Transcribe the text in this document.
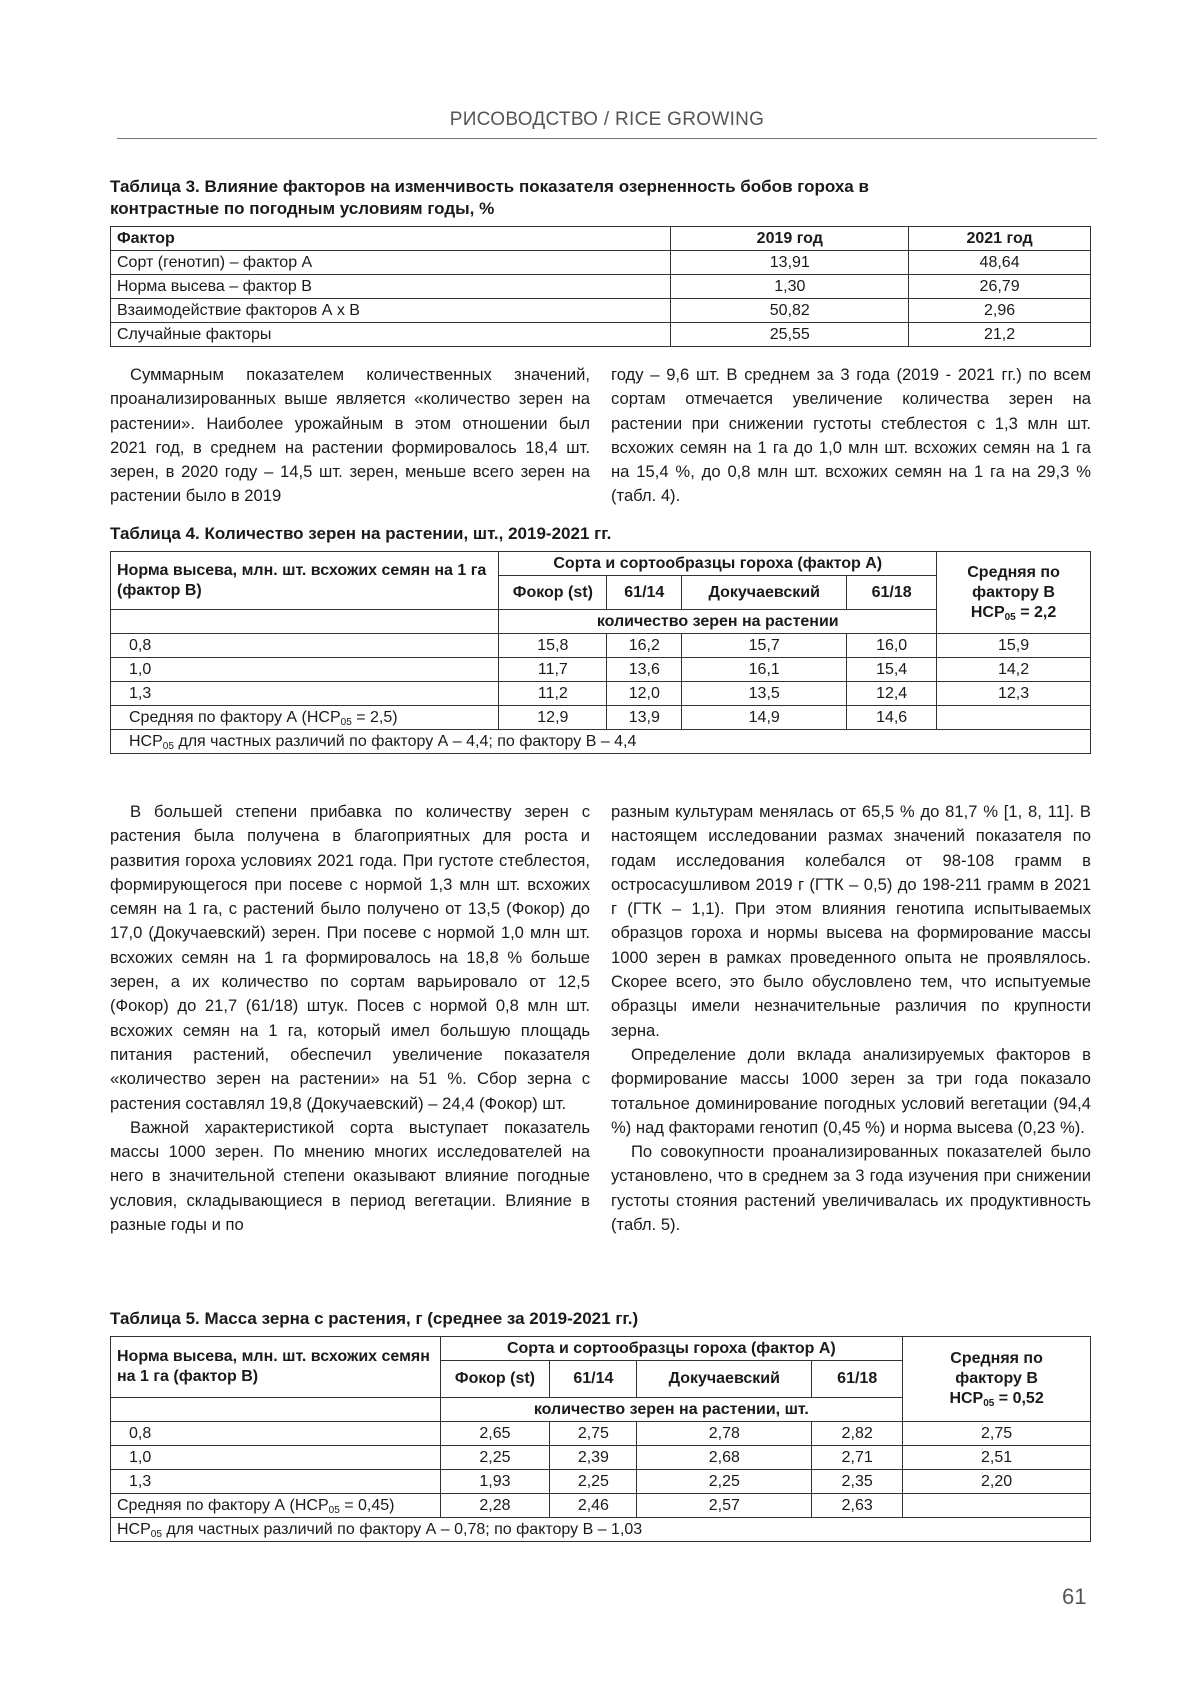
РИСОВОДСТВО / RICE GROWING
Таблица 3. Влияние факторов на изменчивость показателя озерненность бобов гороха в
контрастные по погодным условиям годы, %
Фактор	2019 год	2021 год
Сорт (генотип) – фактор А	13,91	48,64
Норма высева – фактор В	1,30	26,79
Взаимодействие факторов А х В	50,82	2,96
Случайные факторы	25,55	21,2

Суммарным показателем количественных значений, проанализированных выше является «количество зерен на растении». Наиболее урожайным в этом отношении был 2021 год, в среднем на растении формировалось 18,4 шт. зерен, в 2020 году – 14,5 шт. зерен, меньше всего зерен на растении было в 2019

году – 9,6 шт. В среднем за 3 года (2019 - 2021 гг.) по всем сортам отмечается увеличение количества зерен на растении при снижении густоты стеблестоя с 1,3 млн шт. всхожих семян на 1 га до 1,0 млн шт. всхожих семян на 1 га на 15,4 %, до 0,8 млн шт. всхожих семян на 1 га на 29,3 % (табл. 4).

Таблица 4. Количество зерен на растении, шт., 2019-2021 гг.
Норма высева, млн. шт. всхожих семян на 1 га (фактор В)	Сорта и сортообразцы гороха (фактор А)				Средняя по
фактору В
$НСР_{05} = 2,2$

	Фокор (st)	61/14	Докучаевский	61/18	
	количество зерен на растении				
0,8	15,8	16,2	15,7	16,0	15,9
1,0	11,7	13,6	16,1	15,4	14,2
1,3	11,2	12,0	13,5	12,4	12,3
Средняя по фактору А $(НСР_{05} = 2,5)$	12,9	13,9	14,9	14,6	
$НСР_{05}$ для частных различий по фактору А – 4,4; по фактору В – 4,4					

В большей степени прибавка по количеству зерен с растения была получена в благоприятных для роста и развития гороха условиях 2021 года. При густоте стеблестоя, формирующегося при посеве с нормой 1,3 млн шт. всхожих семян на 1 га, с растений было получено от 13,5 (Фокор) до 17,0 (Докучаевский) зерен. При посеве с нормой 1,0 млн шт. всхожих семян на 1 га формировалось на 18,8 % больше зерен, а их количество по сортам варьировало от 12,5 (Фокор) до 21,7 (61/18) штук. Посев с нормой 0,8 млн шт. всхожих семян на 1 га, который имел большую площадь питания растений, обеспечил увеличение показателя «количество зерен на растении» на 51 %. Сбор зерна с растения составлял 19,8 (Докучаевский) – 24,4 (Фокор) шт.

Важной характеристикой сорта выступает показатель массы 1000 зерен. По мнению многих исследователей на него в значительной степени оказывают влияние погодные условия, складывающиеся в период вегетации. Влияние в разные годы и по

разным культурам менялась от 65,5 % до 81,7 % [1, 8, 11]. В настоящем исследовании размах значений показателя по годам исследования колебался от 98-108 грамм в остросасушливом 2019 г (ГТК – 0,5) до 198-211 грамм в 2021 г (ГТК – 1,1). При этом влияния генотипа испытываемых образцов гороха и нормы высева на формирование массы 1000 зерен в рамках проведенного опыта не проявлялось. Скорее всего, это было обусловлено тем, что испытуемые образцы имели незначительные различия по крупности зерна.

Определение доли вклада анализируемых факторов в формирование массы 1000 зерен за три года показало тотальное доминирование погодных условий вегетации (94,4 %) над факторами генотип (0,45 %) и норма высева (0,23 %).

По совокупности проанализированных показателей было установлено, что в среднем за 3 года изучения при снижении густоты стояния растений увеличивалась их продуктивность (табл. 5).

Таблица 5. Масса зерна с растения, г (среднее за 2019-2021 гг.)
Норма высева, млн. шт. всхожих семян на 1 га (фактор В)	Сорта и сортообразцы гороха (фактор А)				Средняя по
фактору В
$НСР_{05} = 0,52$

	Фокор (st)	61/14	Докучаевский	61/18	
	количество зерен на растении, шт.				
0,8	2,65	2,75	2,78	2,82	2,75
1,0	2,25	2,39	2,68	2,71	2,51
1,3	1,93	2,25	2,25	2,35	2,20
Средняя по фактору А $(НСР_{05} = 0,45)$	2,28	2,46	2,57	2,63	
$НСР_{05}$ для частных различий по фактору А – 0,78; по фактору В – 1,03					
61
